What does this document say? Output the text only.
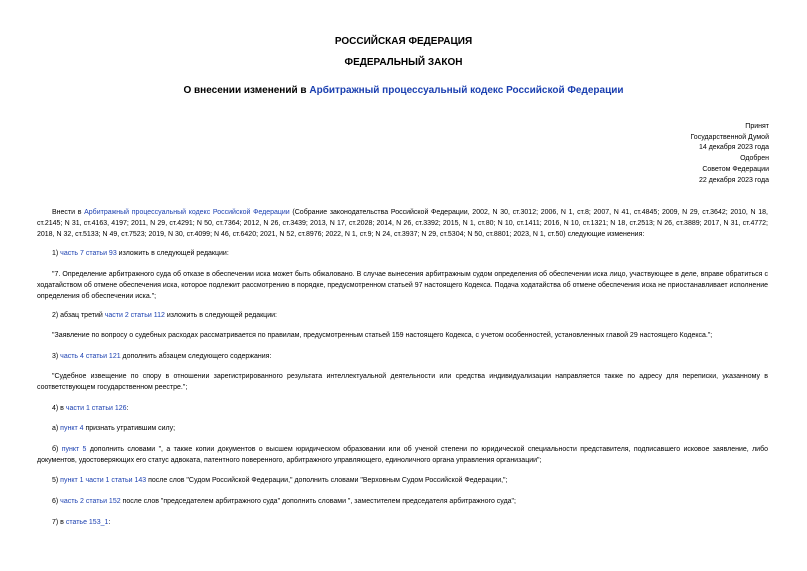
РОССИЙСКАЯ ФЕДЕРАЦИЯ
ФЕДЕРАЛЬНЫЙ ЗАКОН
О внесении изменений в Арбитражный процессуальный кодекс Российской Федерации
Принят
Государственной Думой
14 декабря 2023 года
Одобрен
Советом Федерации
22 декабря 2023 года
Внести в Арбитражный процессуальный кодекс Российской Федерации (Собрание законодательства Российской Федерации, 2002, N 30, ст.3012; 2006, N 1, ст.8; 2007, N 41, ст.4845; 2009, N 29, ст.3642; 2010, N 18, ст.2145; N 31, ст.4163, 4197; 2011, N 29, ст.4291; N 50, ст.7364; 2012, N 26, ст.3439; 2013, N 17, ст.2028; 2014, N 26, ст.3392; 2015, N 1, ст.80; N 10, ст.1411; 2016, N 10, ст.1321; N 18, ст.2513; N 26, ст.3889; 2017, N 31, ст.4772; 2018, N 32, ст.5133; N 49, ст.7523; 2019, N 30, ст.4099; N 46, ст.6420; 2021, N 52, ст.8976; 2022, N 1, ст.9; N 24, ст.3937; N 29, ст.5304; N 50, ст.8801; 2023, N 1, ст.50) следующие изменения:
1) часть 7 статьи 93 изложить в следующей редакции:
"7. Определение арбитражного суда об отказе в обеспечении иска может быть обжаловано. В случае вынесения арбитражным судом определения об обеспечении иска лицо, участвующее в деле, вправе обратиться с ходатайством об отмене обеспечения иска, которое подлежит рассмотрению в порядке, предусмотренном статьей 97 настоящего Кодекса. Подача ходатайства об отмене обеспечения иска не приостанавливает исполнение определения об обеспечении иска.";
2) абзац третий части 2 статьи 112 изложить в следующей редакции:
"Заявление по вопросу о судебных расходах рассматривается по правилам, предусмотренным статьей 159 настоящего Кодекса, с учетом особенностей, установленных главой 29 настоящего Кодекса.";
3) часть 4 статьи 121 дополнить абзацем следующего содержания:
"Судебное извещение по спору в отношении зарегистрированного результата интеллектуальной деятельности или средства индивидуализации направляется также по адресу для переписки, указанному в соответствующем государственном реестре.";
4) в части 1 статьи 126:
а) пункт 4 признать утратившим силу;
б) пункт 5 дополнить словами ", а также копии документов о высшем юридическом образовании или об ученой степени по юридической специальности представителя, подписавшего исковое заявление, либо документов, удостоверяющих его статус адвоката, патентного поверенного, арбитражного управляющего, единоличного органа управления организации";
5) пункт 1 части 1 статьи 143 после слов "Судом Российской Федерации," дополнить словами "Верховным Судом Российской Федерации,";
6) часть 2 статьи 152 после слов "председателем арбитражного суда" дополнить словами ", заместителем председателя арбитражного суда";
7) в статье 153_1:
